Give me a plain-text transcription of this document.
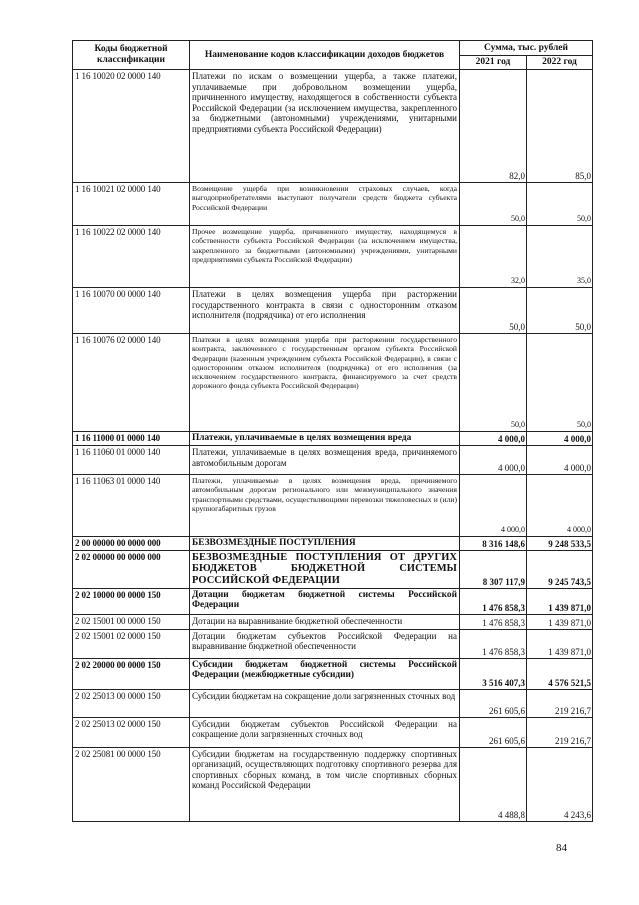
Коды бюджетной классификации	Наименование кодов классификации доходов бюджетов	Сумма, тыс. рублей	
		2021 год	2022 год
1 16 10020 02 0000 140	Платежи по искам о возмещении ущерба, а также платежи, уплачиваемые при добровольном возмещении ущерба, причиненного имуществу, находящегося в собственности субъекта Российской Федерации (за исключением имущества, закрепленного за бюджетными (автономными) учреждениями, унитарными предприятиями субъекта Российской Федерации)	82,0	85,0
1 16 10021 02 0000 140	Возмещение ущерба при возникновении страховых случаев, когда выгодоприобретателями выступают получатели средств бюджета субъекта Российской Федерации	50,0	50,0
1 16 10022 02 0000 140	Прочее возмещение ущерба, причиненного имуществу, находящемуся в собственности субъекта Российской Федерации (за исключением имущества, закрепленного за бюджетными (автономными) учреждениями, унитарными предприятиями субъекта Российской Федерации)	32,0	35,0
1 16 10070 00 0000 140	Платежи в целях возмещения ущерба при расторжении государственного контракта в связи с односторонним отказом исполнителя (подрядчика) от его исполнения	50,0	50,0
1 16 10076 02 0000 140	Платежи в целях возмещения ущерба при расторжении государственного контракта, заключенного с государственным органом субъекта Российской Федерации (казенным учреждением субъекта Российской Федерации), в связи с односторонним отказом исполнителя (подрядчика) от его исполнения (за исключением государственного контракта, финансируемого за счет средств дорожного фонда субъекта Российской Федерации)	50,0	50,0
1 16 11000 01 0000 140	Платежи, уплачиваемые в целях возмещения вреда	4 000,0	4 000,0
1 16 11060 01 0000 140	Платежи, уплачиваемые в целях возмещения вреда, причиняемого автомобильным дорогам	4 000,0	4 000,0
1 16 11063 01 0000 140	Платежи, уплачиваемые в целях возмещения вреда, причиняемого автомобильным дорогам регионального или межмуниципального значения транспортными средствами, осуществляющими перевозки тяжеловесных и (или) крупногабаритных грузов	4 000,0	4 000,0
2 00 00000 00 0000 000	БЕЗВОЗМЕЗДНЫЕ ПОСТУПЛЕНИЯ	8 316 148,6	9 248 533,5
2 02 00000 00 0000 000	БЕЗВОЗМЕЗДНЫЕ ПОСТУПЛЕНИЯ ОТ ДРУГИХ БЮДЖЕТОВ БЮДЖЕТНОЙ СИСТЕМЫ РОССИЙСКОЙ ФЕДЕРАЦИИ	8 307 117,9	9 245 743,5
2 02 10000 00 0000 150	Дотации бюджетам бюджетной системы Российской Федерации	1 476 858,3	1 439 871,0
2 02 15001 00 0000 150	Дотации на выравнивание бюджетной обеспеченности	1 476 858,3	1 439 871,0
2 02 15001 02 0000 150	Дотации бюджетам субъектов Российской Федерации на выравнивание бюджетной обеспеченности	1 476 858,3	1 439 871,0
2 02 20000 00 0000 150	Субсидии бюджетам бюджетной системы Российской Федерации (межбюджетные субсидии)	3 516 407,3	4 576 521,5
2 02 25013 00 0000 150	Субсидии бюджетам на сокращение доли загрязненных сточных вод	261 605,6	219 216,7
2 02 25013 02 0000 150	Субсидии бюджетам субъектов Российской Федерации на сокращение доли загрязненных сточных вод	261 605,6	219 216,7
2 02 25081 00 0000 150	Субсидии бюджетам на государственную поддержку спортивных организаций, осуществляющих подготовку спортивного резерва для спортивных сборных команд, в том числе спортивных сборных команд Российской Федерации	4 488,8	4 243,6
84
